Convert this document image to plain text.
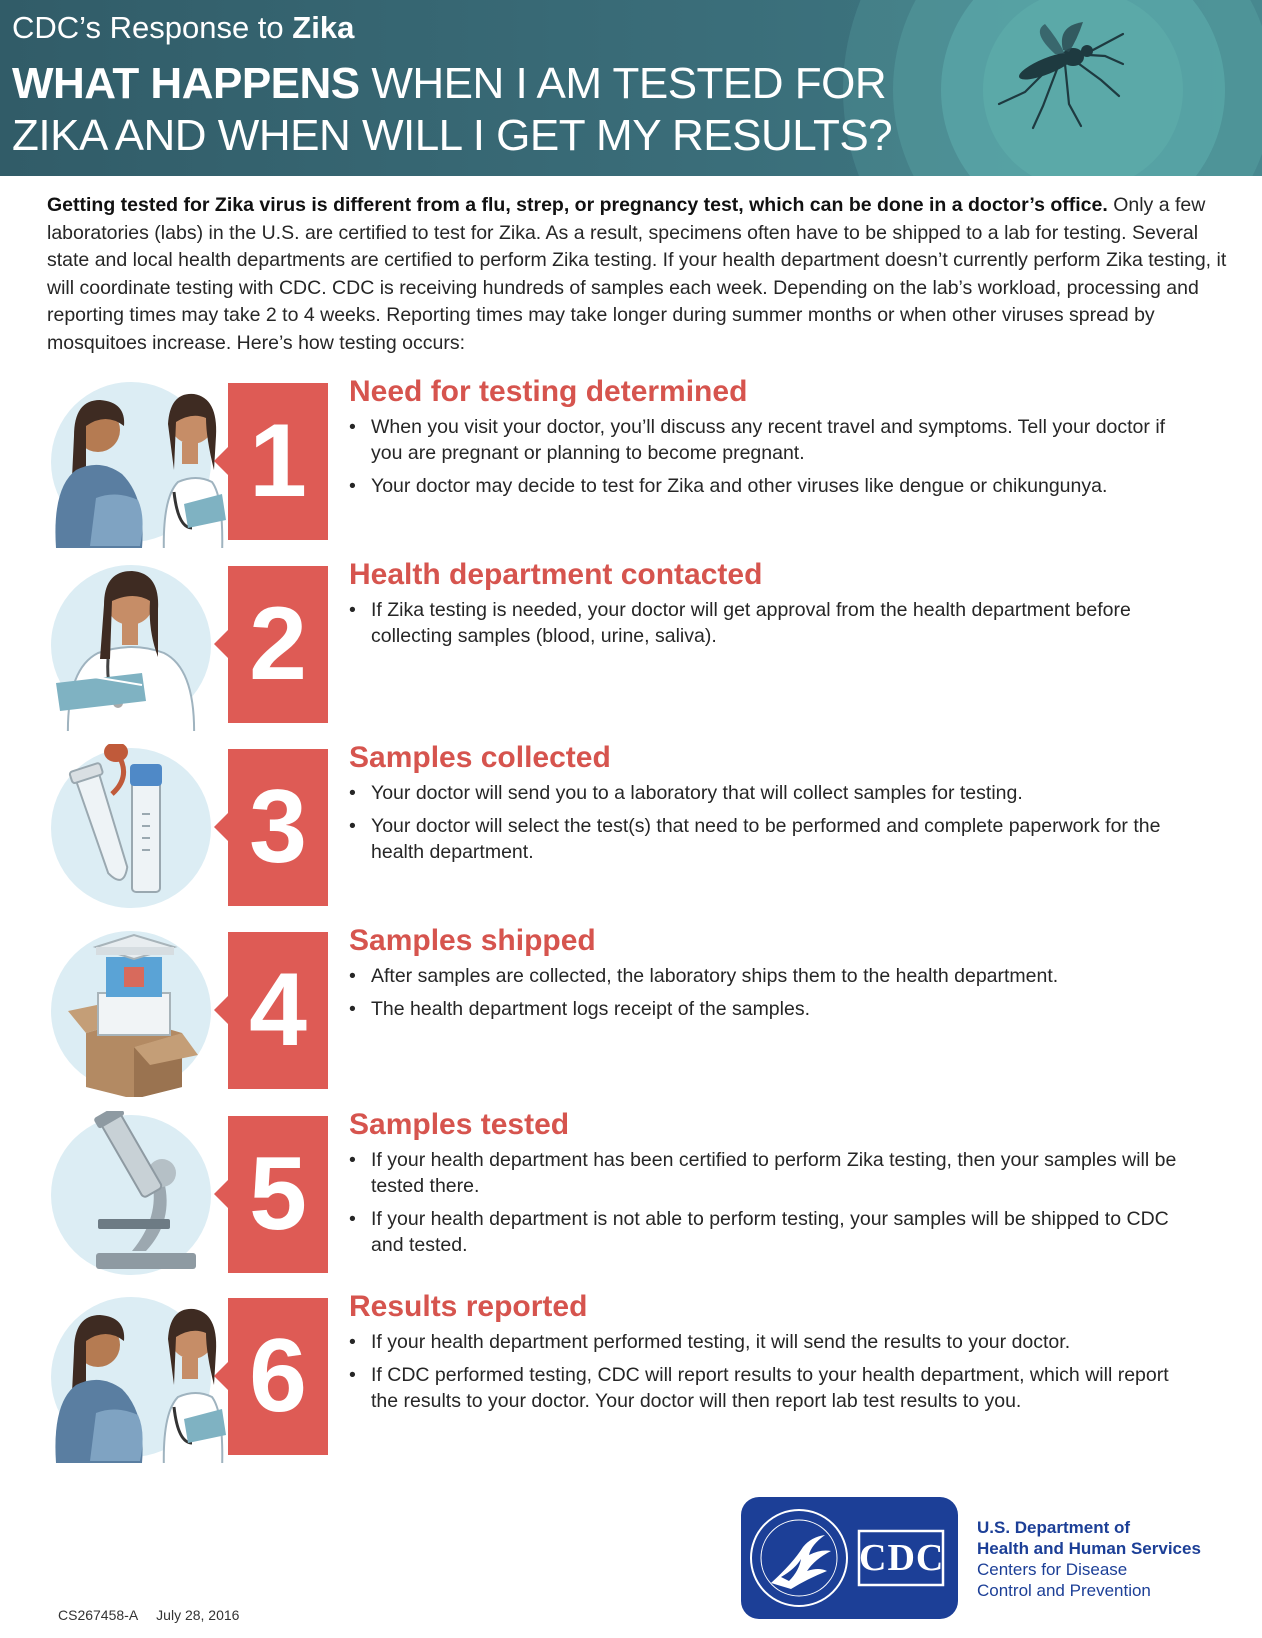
CDC’s Response to Zika
WHAT HAPPENS WHEN I AM TESTED FOR ZIKA AND WHEN WILL I GET MY RESULTS?

Getting tested for Zika virus is different from a flu, strep, or pregnancy test, which can be done in a doctor’s office. Only a few laboratories (labs) in the U.S. are certified to test for Zika. As a result, specimens often have to be shipped to a lab for testing. Several state and local health departments are certified to perform Zika testing. If your health department doesn’t currently perform Zika testing, it will coordinate testing with CDC. CDC is receiving hundreds of samples each week. Depending on the lab’s workload, processing and reporting times may take 2 to 4 weeks. Reporting times may take longer during summer months or when other viruses spread by mosquitoes increase. Here’s how testing occurs:

1
Need for testing determined
• When you visit your doctor, you’ll discuss any recent travel and symptoms. Tell your doctor if you are pregnant or planning to become pregnant.
• Your doctor may decide to test for Zika and other viruses like dengue or chikungunya.
2
Health department contacted
• If Zika testing is needed, your doctor will get approval from the health department before collecting samples (blood, urine, saliva).
3
Samples collected
• Your doctor will send you to a laboratory that will collect samples for testing.
• Your doctor will select the test(s) that need to be performed and complete paperwork for the health department.
4
Samples shipped
• After samples are collected, the laboratory ships them to the health department.
• The health department logs receipt of the samples.
5
Samples tested
• If your health department has been certified to perform Zika testing, then your samples will be tested there.
• If your health department is not able to perform testing, your samples will be shipped to CDC and tested.
6
Results reported
• If your health department performed testing, it will send the results to your doctor.
• If CDC performed testing, CDC will report results to your health department, which will report the results to your doctor. Your doctor will then report lab test results to you.
CDC
U.S. Department of
Health and Human Services
Centers for Disease
Control and Prevention
CS267458-A July 28, 2016
